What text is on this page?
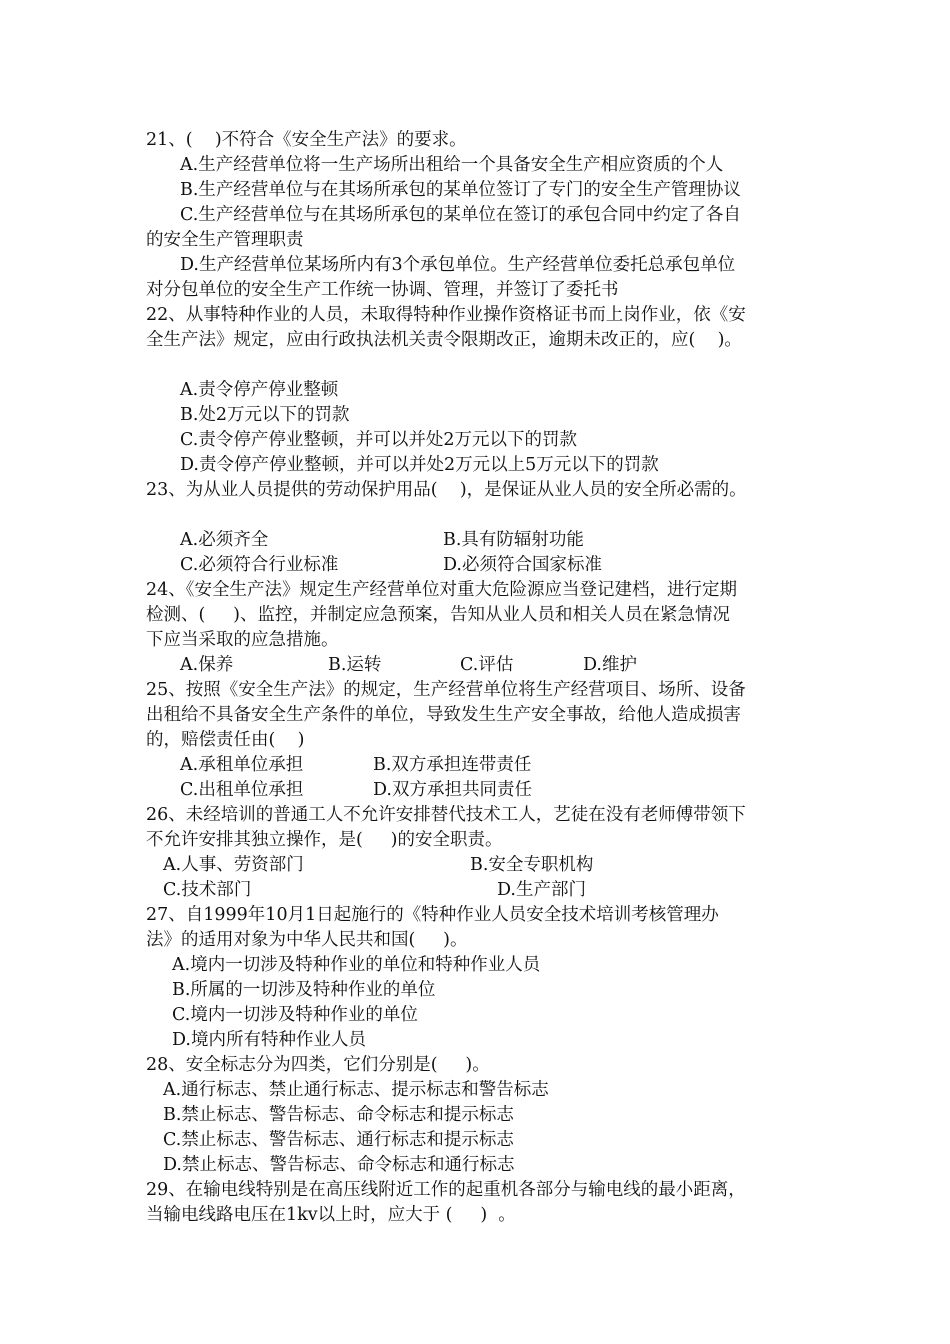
21、(    )不符合《安全生产法》的要求。
A.生产经营单位将一生产场所出租给一个具备安全生产相应资质的个人
B.生产经营单位与在其场所承包的某单位签订了专门的安全生产管理协议
C.生产经营单位与在其场所承包的某单位在签订的承包合同中约定了各自
的安全生产管理职责
D.生产经营单位某场所内有3个承包单位。生产经营单位委托总承包单位
对分包单位的安全生产工作统一协调、管理，并签订了委托书
22、从事特种作业的人员，未取得特种作业操作资格证书而上岗作业，依《安
全生产法》规定，应由行政执法机关责令限期改正，逾期未改正的，应(    )。
A.责令停产停业整顿
B.处2万元以下的罚款
C.责令停产停业整顿，并可以并处2万元以下的罚款
D.责令停产停业整顿，并可以并处2万元以上5万元以下的罚款
23、为从业人员提供的劳动保护用品(    )，是保证从业人员的安全所必需的。
A.必须齐全	B.具有防辐射功能
C.必须符合行业标准	D.必须符合国家标准
24、《安全生产法》规定生产经营单位对重大危险源应当登记建档，进行定期
检测、(     )、监控，并制定应急预案，告知从业人员和相关人员在紧急情况
下应当采取的应急措施。
A.保养	B.运转	C.评估	D.维护
25、按照《安全生产法》的规定，生产经营单位将生产经营项目、场所、设备
出租给不具备安全生产条件的单位，导致发生生产安全事故，给他人造成损害
的，赔偿责任由(    )
A.承租单位承担	B.双方承担连带责任
C.出租单位承担	D.双方承担共同责任
26、未经培训的普通工人不允许安排替代技术工人，艺徒在没有老师傅带领下
不允许安排其独立操作，是(     )的安全职责。
A.人事、劳资部门	B.安全专职机构
C.技术部门	D.生产部门
27、自1999年10月1日起施行的《特种作业人员安全技术培训考核管理办
法》的适用对象为中华人民共和国(     )。
A.境内一切涉及特种作业的单位和特种作业人员
B.所属的一切涉及特种作业的单位
C.境内一切涉及特种作业的单位
D.境内所有特种作业人员
28、安全标志分为四类，它们分别是(     )。
A.通行标志、禁止通行标志、提示标志和警告标志
B.禁止标志、警告标志、命令标志和提示标志
C.禁止标志、警告标志、通行标志和提示标志
D.禁止标志、警告标志、命令标志和通行标志
29、在输电线特别是在高压线附近工作的起重机各部分与输电线的最小距离，
当输电线路电压在1kv以上时，应大于 (     )  。
